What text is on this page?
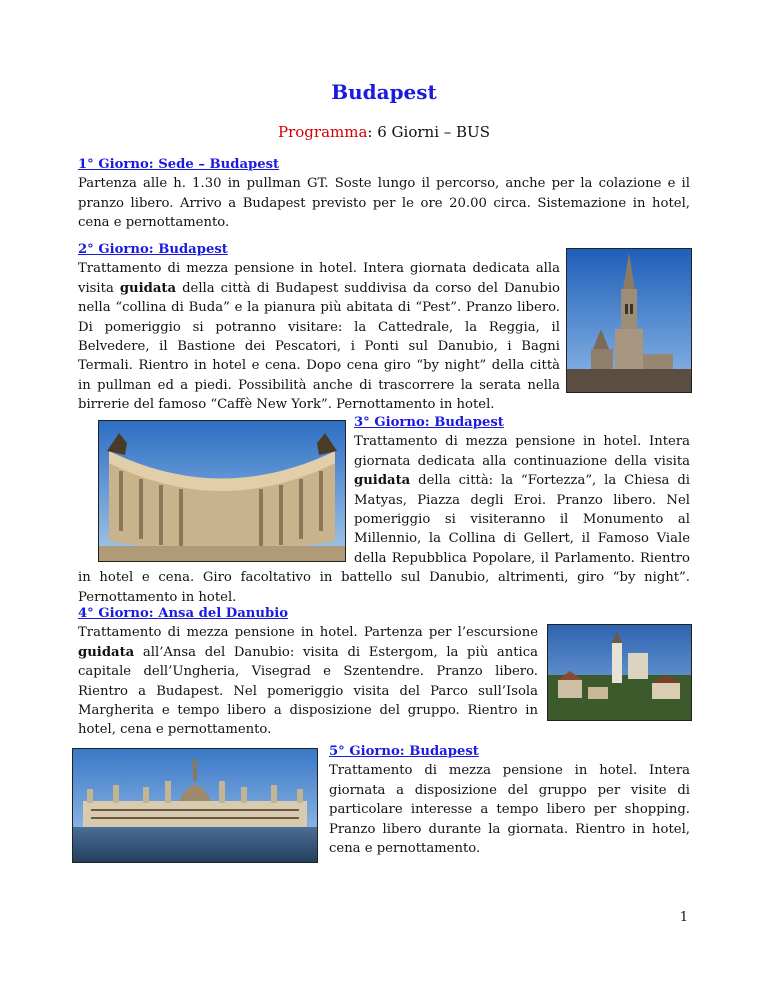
Budapest
Programma: 6 Giorni – BUS
1° Giorno: Sede – Budapest

Partenza alle h. 1.30 in pullman GT. Soste lungo il percorso, anche per la colazione e il pranzo libero. Arrivo a Budapest previsto per le ore 20.00 circa. Sistemazione in hotel, cena e pernottamento.

2° Giorno: Budapest

Trattamento di mezza pensione in hotel. Intera giornata dedicata alla visita guidata della città di Budapest suddivisa da corso del Danubio nella “collina di Buda” e la pianura più abitata di “Pest”. Pranzo libero. Di pomeriggio si potranno visitare: la Cattedrale, la Reggia, il Belvedere, il Bastione dei Pescatori, i Ponti sul Danubio, i Bagni Termali. Rientro in hotel e cena. Dopo cena giro “by night” della città in pullman ed a piedi. Possibilità anche di trascorrere la serata nella birrerie del famoso “Caffè New York”. Pernottamento in hotel.

3° Giorno: Budapest

Trattamento di mezza pensione in hotel. Intera giornata dedicata alla continuazione della visita guidata della città: la “Fortezza”, la Chiesa di Matyas, Piazza degli Eroi. Pranzo libero. Nel pomeriggio si visiteranno il Monumento al Millennio, la Collina di Gellert, il Famoso Viale della Repubblica Popolare, il Parlamento. Rientro in hotel e cena. Giro facoltativo in battello sul Danubio, altrimenti, giro “by night”. Pernottamento in hotel.

4° Giorno: Ansa del Danubio

Trattamento di mezza pensione in hotel. Partenza per l’escursione guidata all’Ansa del Danubio: visita di Estergom, la più antica capitale dell’Ungheria, Visegrad e Szentendre. Pranzo libero. Rientro a Budapest. Nel pomeriggio visita del Parco sull’Isola Margherita e tempo libero a disposizione del gruppo. Rientro in hotel, cena e pernottamento.

5° Giorno: Budapest

Trattamento di mezza pensione in hotel. Intera giornata a disposizione del gruppo per visite di particolare interesse a tempo libero per shopping. Pranzo libero durante la giornata. Rientro in hotel, cena e pernottamento.

1
